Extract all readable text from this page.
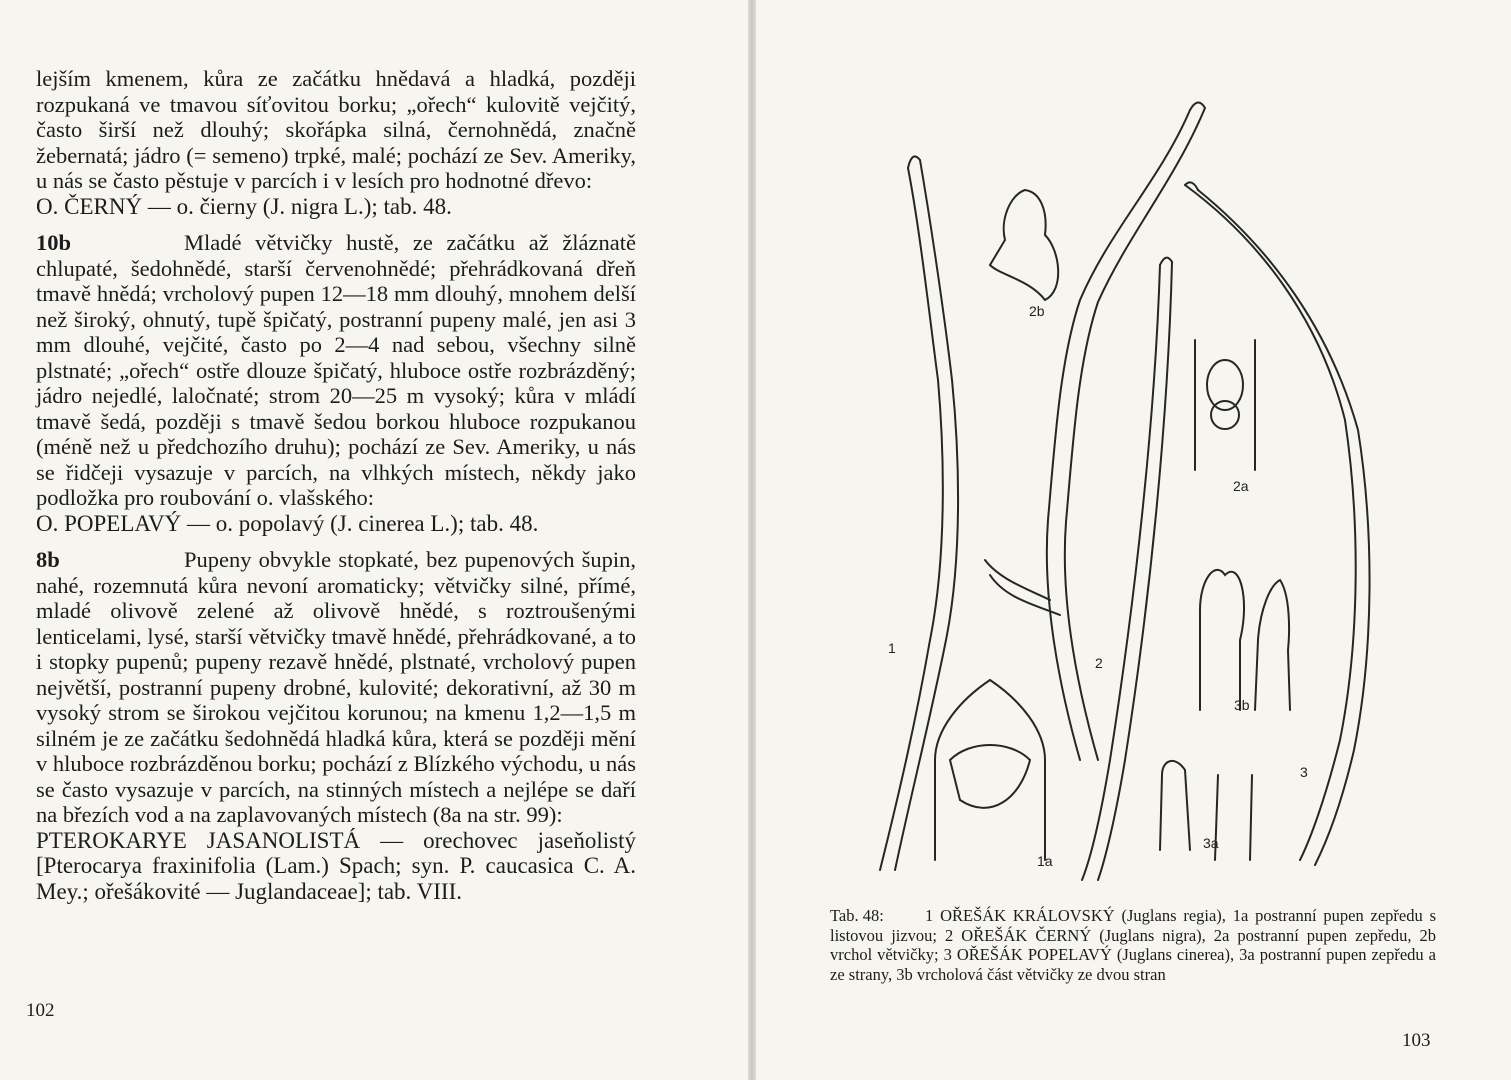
lejším kmenem, kůra ze začátku hnědavá a hladká, později rozpukaná ve tmavou síťovitou borku; „ořech“ kulovitě vejčitý, často širší než dlouhý; skořápka silná, černohnědá, značně žebernatá; jádro (= semeno) trpké, malé; pochází ze Sev. Ameriky, u nás se často pěstuje v parcích i v lesích pro hodnotné dřevo:

O. ČERNÝ — o. čierny (J. nigra L.); tab. 48.

10b	Mladé větvičky hustě, ze začátku až žláznatě chlupaté, šedohnědé, starší červenohnědé; přehrádkovaná dřeň tmavě hnědá; vrcholový pupen 12—18 mm dlouhý, mnohem delší než široký, ohnutý, tupě špičatý, postranní pupeny malé, jen asi 3 mm dlouhé, vejčité, často po 2—4 nad sebou, všechny silně plstnaté; „ořech“ ostře dlouze špičatý, hluboce ostře rozbrázděný; jádro nejedlé, laločnaté; strom 20—25 m vysoký; kůra v mládí tmavě šedá, později s tmavě šedou borkou hluboce rozpukanou (méně než u předchozího druhu); pochází ze Sev. Ameriky, u nás se řidčeji vysazuje v parcích, na vlhkých místech, někdy jako podložka pro roubování o. vlašského:

O. POPELAVÝ — o. popolavý (J. cinerea L.); tab. 48.

8b	Pupeny obvykle stopkaté, bez pupenových šupin, nahé, rozemnutá kůra nevoní aromaticky; větvičky silné, přímé, mladé olivově zelené až olivově hnědé, s roztroušenými lenticelami, lysé, starší větvičky tmavě hnědé, přehrádkované, a to i stopky pupenů; pupeny rezavě hnědé, plstnaté, vrcholový pupen největší, postranní pupeny drobné, kulovité; dekorativní, až 30 m vysoký strom se širokou vejčitou korunou; na kmenu 1,2—1,5 m silném je ze začátku šedohnědá hladká kůra, která se později mění v hluboce rozbrázděnou borku; pochází z Blízkého východu, u nás se často vysazuje v parcích, na stinných místech a nejlépe se daří na březích vod a na zaplavovaných místech (8a na str. 99):

PTEROKARYE JASANOLISTÁ — orechovec jaseňolistý [Pterocarya fraxinifolia (Lam.) Spach; syn. P. caucasica C. A. Mey.; ořešákovité — Juglandaceae]; tab. VIII.

102
1
1a
2
2a
2b
3
3a
3b
Tab. 48: 1 OŘEŠÁK KRÁLOVSKÝ (Juglans regia), 1a postranní pupen zepředu s listovou jizvou; 2 OŘEŠÁK ČERNÝ (Juglans nigra), 2a postranní pupen zepředu, 2b vrchol větvičky; 3 OŘEŠÁK POPELAVÝ (Juglans cinerea), 3a postranní pupen zepředu a ze strany, 3b vrcholová část větvičky ze dvou stran
103
